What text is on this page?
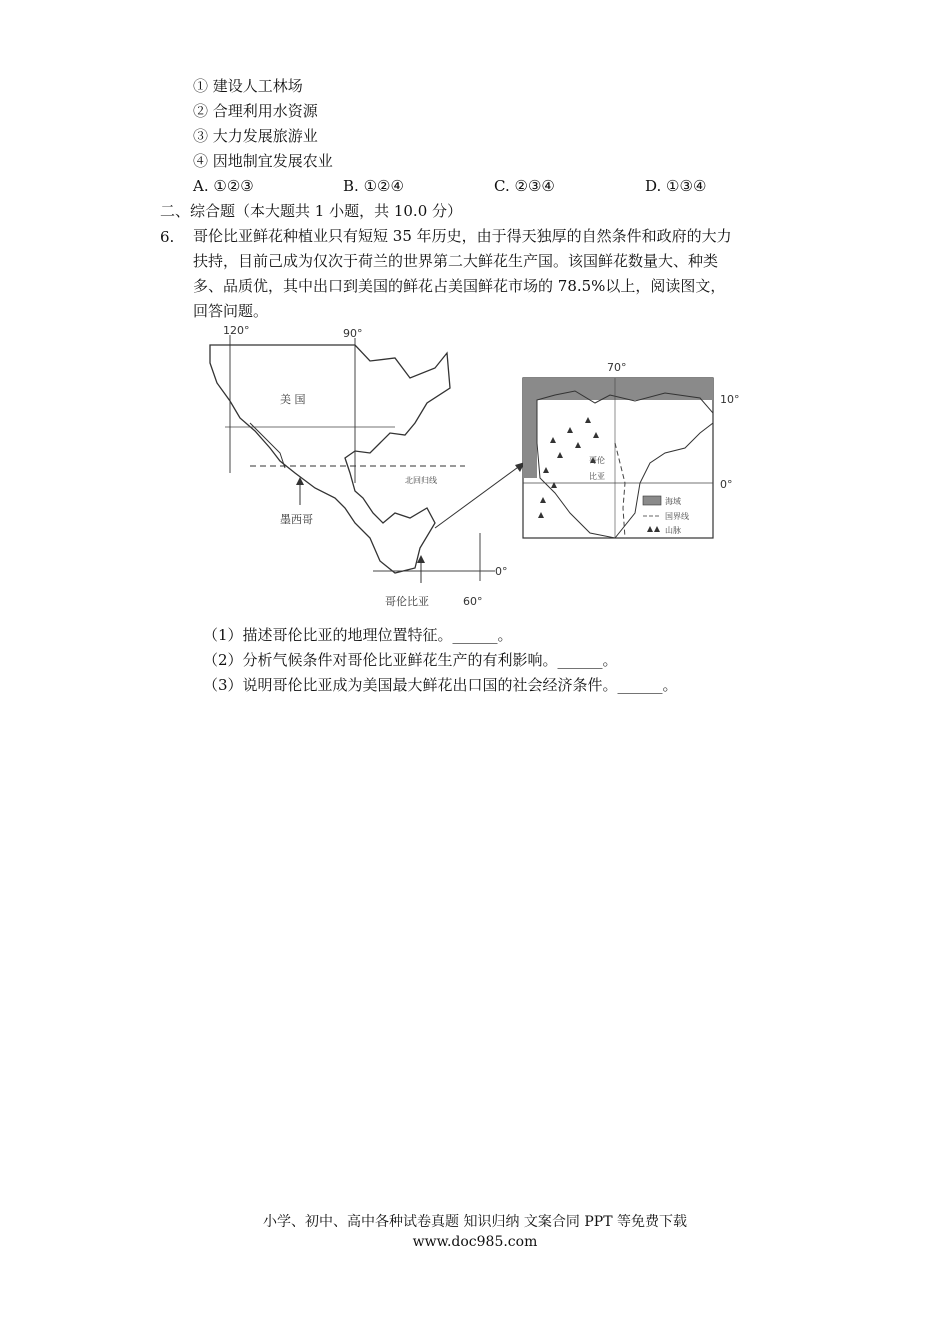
① 建设人工林场
② 合理利用水资源
③ 大力发展旅游业
④ 因地制宜发展农业
A. ①②③	B. ①②④	C. ②③④	D. ①③④
二、综合题（本大题共 1 小题，共 10.0 分）
6. 哥伦比亚鲜花种植业只有短短 35 年历史，由于得天独厚的自然条件和政府的大力
扶持，目前己成为仅次于荷兰的世界第二大鲜花生产国。该国鲜花数量大、种类
多、品质优，其中出口到美国的鲜花占美国鲜花市场的 78.5%以上，阅读图文，
回答问题。
120°	90°
美 国
北回归线
墨西哥
0°
哥伦比亚	60°
70°
10°
0°
哥伦
比亚
海域
国界线
山脉
（1）描述哥伦比亚的地理位置特征。______。
（2）分析气候条件对哥伦比亚鲜花生产的有利影响。______。
（3）说明哥伦比亚成为美国最大鲜花出口国的社会经济条件。______。
小学、初中、高中各种试卷真题 知识归纳 文案合同 PPT 等免费下载
www.doc985.com
